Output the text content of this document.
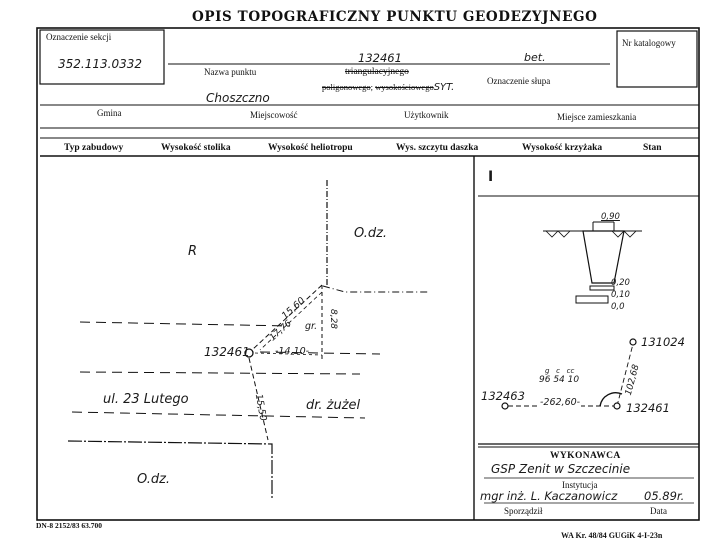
OPIS TOPOGRAFICZNY PUNKTU GEODEZYJNEGO
Oznaczenie sekcji
352.113.0332
Nr katalogowy
132461	bet.
Nazwa punktu	triangulacyjnego
Oznaczenie słupa
poligonowego; wysokościowegoSYT.
Choszczno
Gmina	Miejscowość	Użytkownik	Miejsce zamieszkania
Typ zabudowy	Wysokość stolika	Wysokość heliotropu	Wys. szczytu daszka	Wysokość krzyżaka	Stan
R
O.dz.
O.dz.
ul. 23 Lutego	dr. żużel
132461
15,60
17,76 gr. 8,28
-14,10-
15,50
I
0,90
0,20
0,10
0,0
131024
132463
132461
g   c   cc
96 54 10
-262,60-
102,68
WYKONAWCA
GSP Zenit w Szczecinie
Instytucja
mgr inż. L. Kaczanowicz 05.89r.
Sporządził	Data
DN-8 2152/83 63.700
WA Kr. 48/84 GUGiK 4-I-23n
